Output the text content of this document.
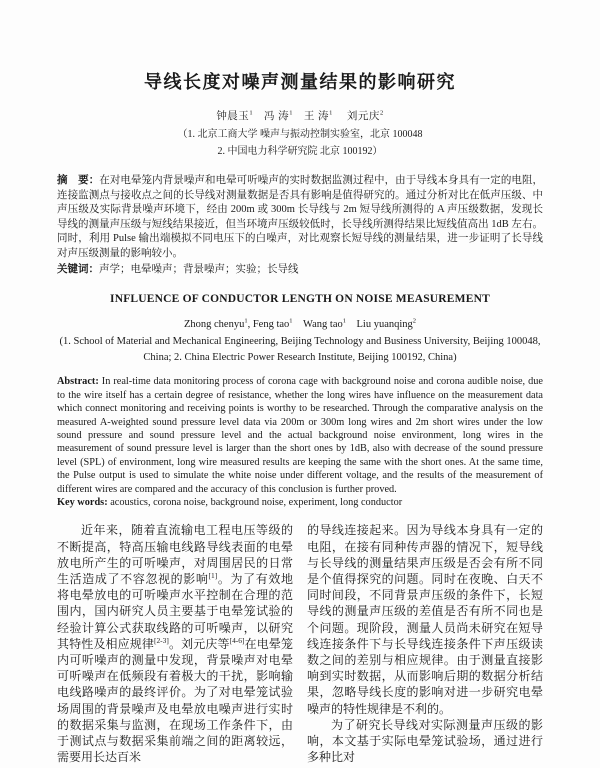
导线长度对噪声测量结果的影响研究
钟晨玉$^1$　冯 涛$^1$　王 涛$^1$　 刘元庆$^2$
（1. 北京工商大学 噪声与振动控制实验室，北京 100048
2. 中国电力科学研究院 北京 100192）

摘　要：在对电晕笼内背景噪声和电晕可听噪声的实时数据监测过程中，由于导线本身具有一定的电阻，连接监测点与接收点之间的长导线对测量数据是否具有影响是值得研究的。通过分析对比在低声压级、中声压级及实际背景噪声环境下，经由 200m 或 300m 长导线与 2m 短导线所测得的 A 声压级数据，发现长导线的测量声压级与短线结果接近，但当环境声压级较低时，长导线所测得结果比短线值高出 1dB 左右。同时，利用 Pulse 输出端模拟不同电压下的白噪声，对比观察长短导线的测量结果，进一步证明了长导线对声压级测量的影响较小。

关键词：声学；电晕噪声；背景噪声；实验；长导线

INFLUENCE OF CONDUCTOR LENGTH ON NOISE MEASUREMENT
Zhong chenyu$^1$, Feng tao$^1$　Wang tao$^1$　Liu yuanqing$^2$
(1. School of Material and Mechanical Engineering, Beijing Technology and Business University, Beijing 100048, China; 2. China Electric Power Research Institute, Beijing 100192, China)

Abstract: In real-time data monitoring process of corona cage with background noise and corona audible noise, due to the wire itself has a certain degree of resistance, whether the long wires have influence on the measurement data which connect monitoring and receiving points is worthy to be researched. Through the comparative analysis on the measured A-weighted sound pressure level data via 200m or 300m long wires and 2m short wires under the low sound pressure and sound pressure level and the actual background noise environment, long wires in the measurement of sound pressure level is larger than the short ones by 1dB, also with decrease of the sound pressure level (SPL) of environment, long wire measured results are keeping the same with the short ones. At the same time, the Pulse output is used to simulate the white noise under different voltage, and the results of the measurement of different wires are compared and the accuracy of this conclusion is further proved.

Key words: acoustics, corona noise, background noise, experiment, long conductor

近年来，随着直流输电工程电压等级的不断提高，特高压输电线路导线表面的电晕放电所产生的可听噪声，对周围居民的日常生活造成了不容忽视的影响[1]。为了有效地将电晕放电的可听噪声水平控制在合理的范围内，国内研究人员主要基于电晕笼试验的经验计算公式获取线路的可听噪声，以研究其特性及相应规律[2-3]。刘元庆等[4-6]在电晕笼内可听噪声的测量中发现，背景噪声对电晕可听噪声在低频段有着极大的干扰，影响输电线路噪声的最终评价。为了对电晕笼试验场周围的背景噪声及电晕放电噪声进行实时的数据采集与监测，在现场工作条件下，由于测试点与数据采集前端之间的距离较远，需要用长达百米

的导线连接起来。因为导线本身具有一定的电阻，在接有同种传声器的情况下，短导线与长导线的测量结果声压级是否会有所不同是个值得探究的问题。同时在夜晚、白天不同时间段，不同背景声压级的条件下，长短导线的测量声压级的差值是否有所不同也是个问题。现阶段，测量人员尚未研究在短导线连接条件下与长导线连接条件下声压级读数之间的差别与相应规律。由于测量直接影响到实时数据，从而影响后期的数据分析结果，忽略导线长度的影响对进一步研究电晕噪声的特性规律是不利的。

为了研究长导线对实际测量声压级的影响，本文基于实际电晕笼试验场，通过进行多种比对
